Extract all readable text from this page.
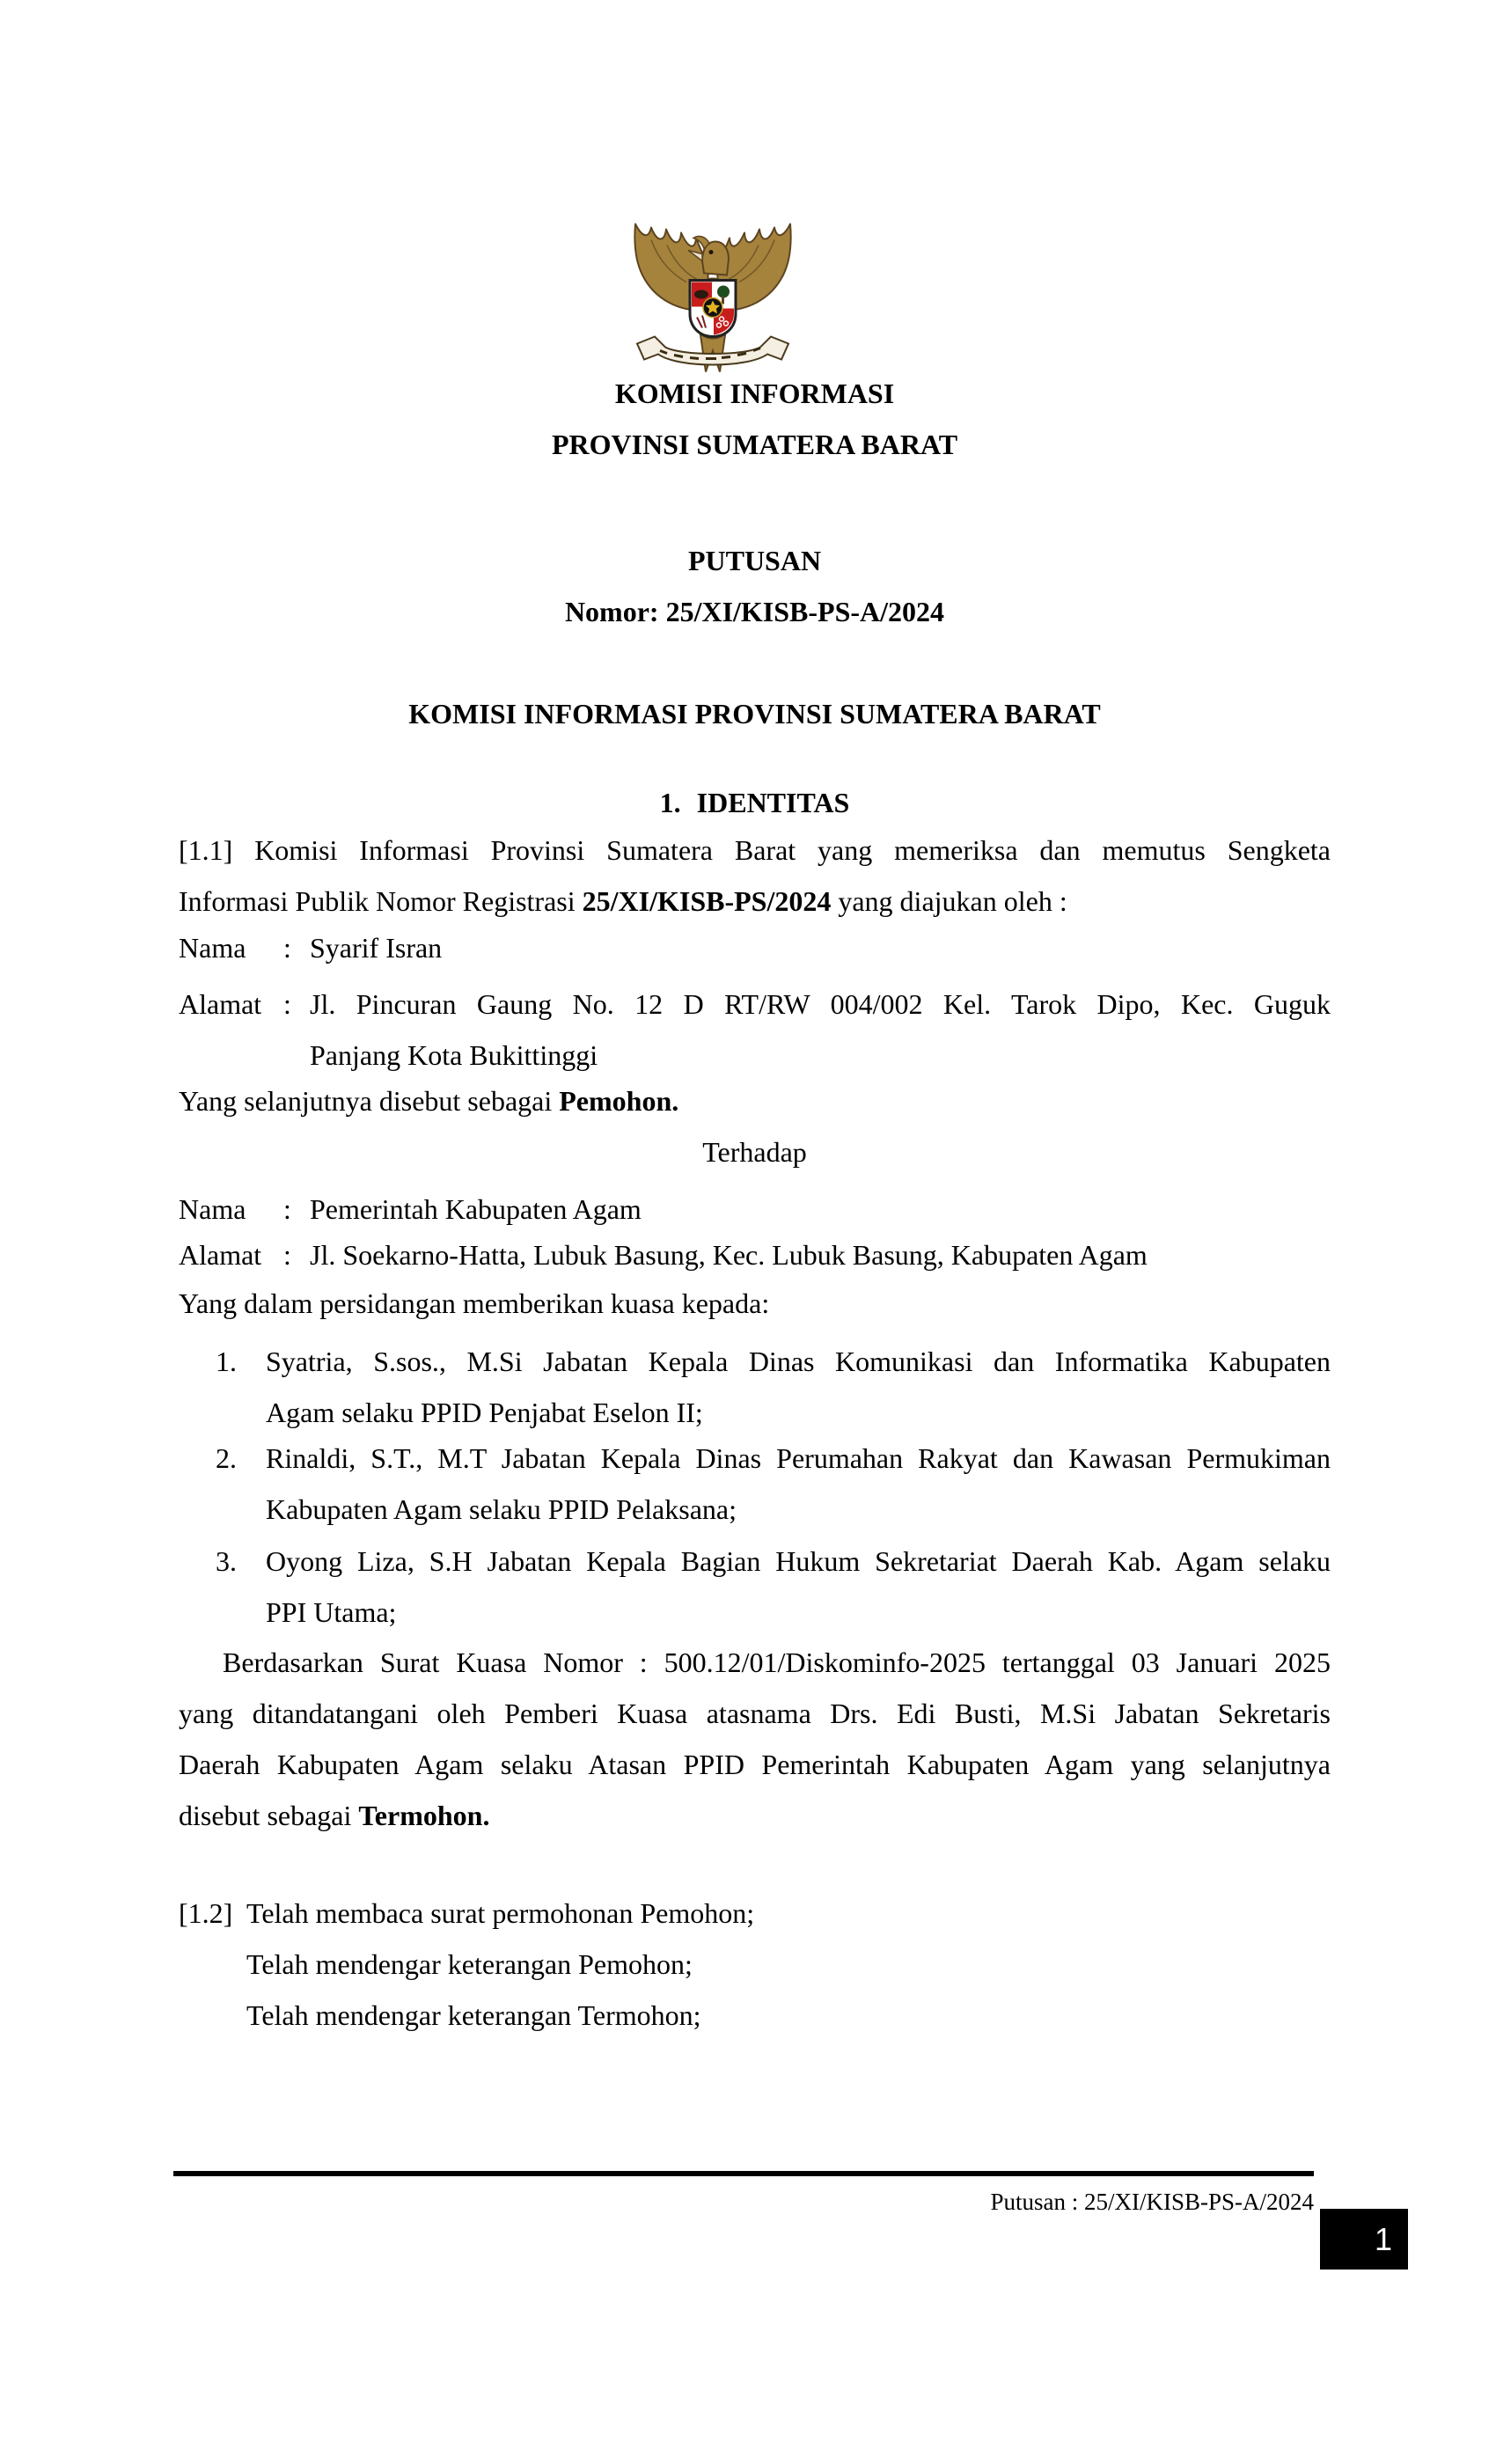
KOMISI INFORMASI
PROVINSI SUMATERA BARAT
PUTUSAN
Nomor: 25/XI/KISB-PS-A/2024
KOMISI INFORMASI PROVINSI SUMATERA BARAT
1. IDENTITAS
[1.1] Komisi Informasi Provinsi Sumatera Barat yang memeriksa dan memutus Sengketa
Informasi Publik Nomor Registrasi 25/XI/KISB-PS/2024 yang diajukan oleh :
Nama	: Syarif Isran
Alamat : Jl. Pincuran Gaung No. 12 D RT/RW 004/002 Kel. Tarok Dipo, Kec. Guguk
Panjang Kota Bukittinggi
Yang selanjutnya disebut sebagai Pemohon.
Terhadap
Nama	: Pemerintah Kabupaten Agam
Alamat : Jl. Soekarno-Hatta, Lubuk Basung, Kec. Lubuk Basung, Kabupaten Agam
Yang dalam persidangan memberikan kuasa kepada:
1.	Syatria, S.sos., M.Si Jabatan Kepala Dinas Komunikasi dan Informatika Kabupaten
Agam selaku PPID Penjabat Eselon II;
2.	Rinaldi, S.T., M.T Jabatan Kepala Dinas Perumahan Rakyat dan Kawasan Permukiman
Kabupaten Agam selaku PPID Pelaksana;
3.	Oyong Liza, S.H Jabatan Kepala Bagian Hukum Sekretariat Daerah Kab. Agam selaku
PPI Utama;
Berdasarkan Surat Kuasa Nomor : 500.12/01/Diskominfo-2025 tertanggal 03 Januari 2025
yang ditandatangani oleh Pemberi Kuasa atasnama Drs. Edi Busti, M.Si Jabatan Sekretaris
Daerah Kabupaten Agam selaku Atasan PPID Pemerintah Kabupaten Agam yang selanjutnya
disebut sebagai Termohon.
[1.2] Telah membaca surat permohonan Pemohon;
Telah mendengar keterangan Pemohon;
Telah mendengar keterangan Termohon;
Putusan : 25/XI/KISB-PS-A/2024
1
